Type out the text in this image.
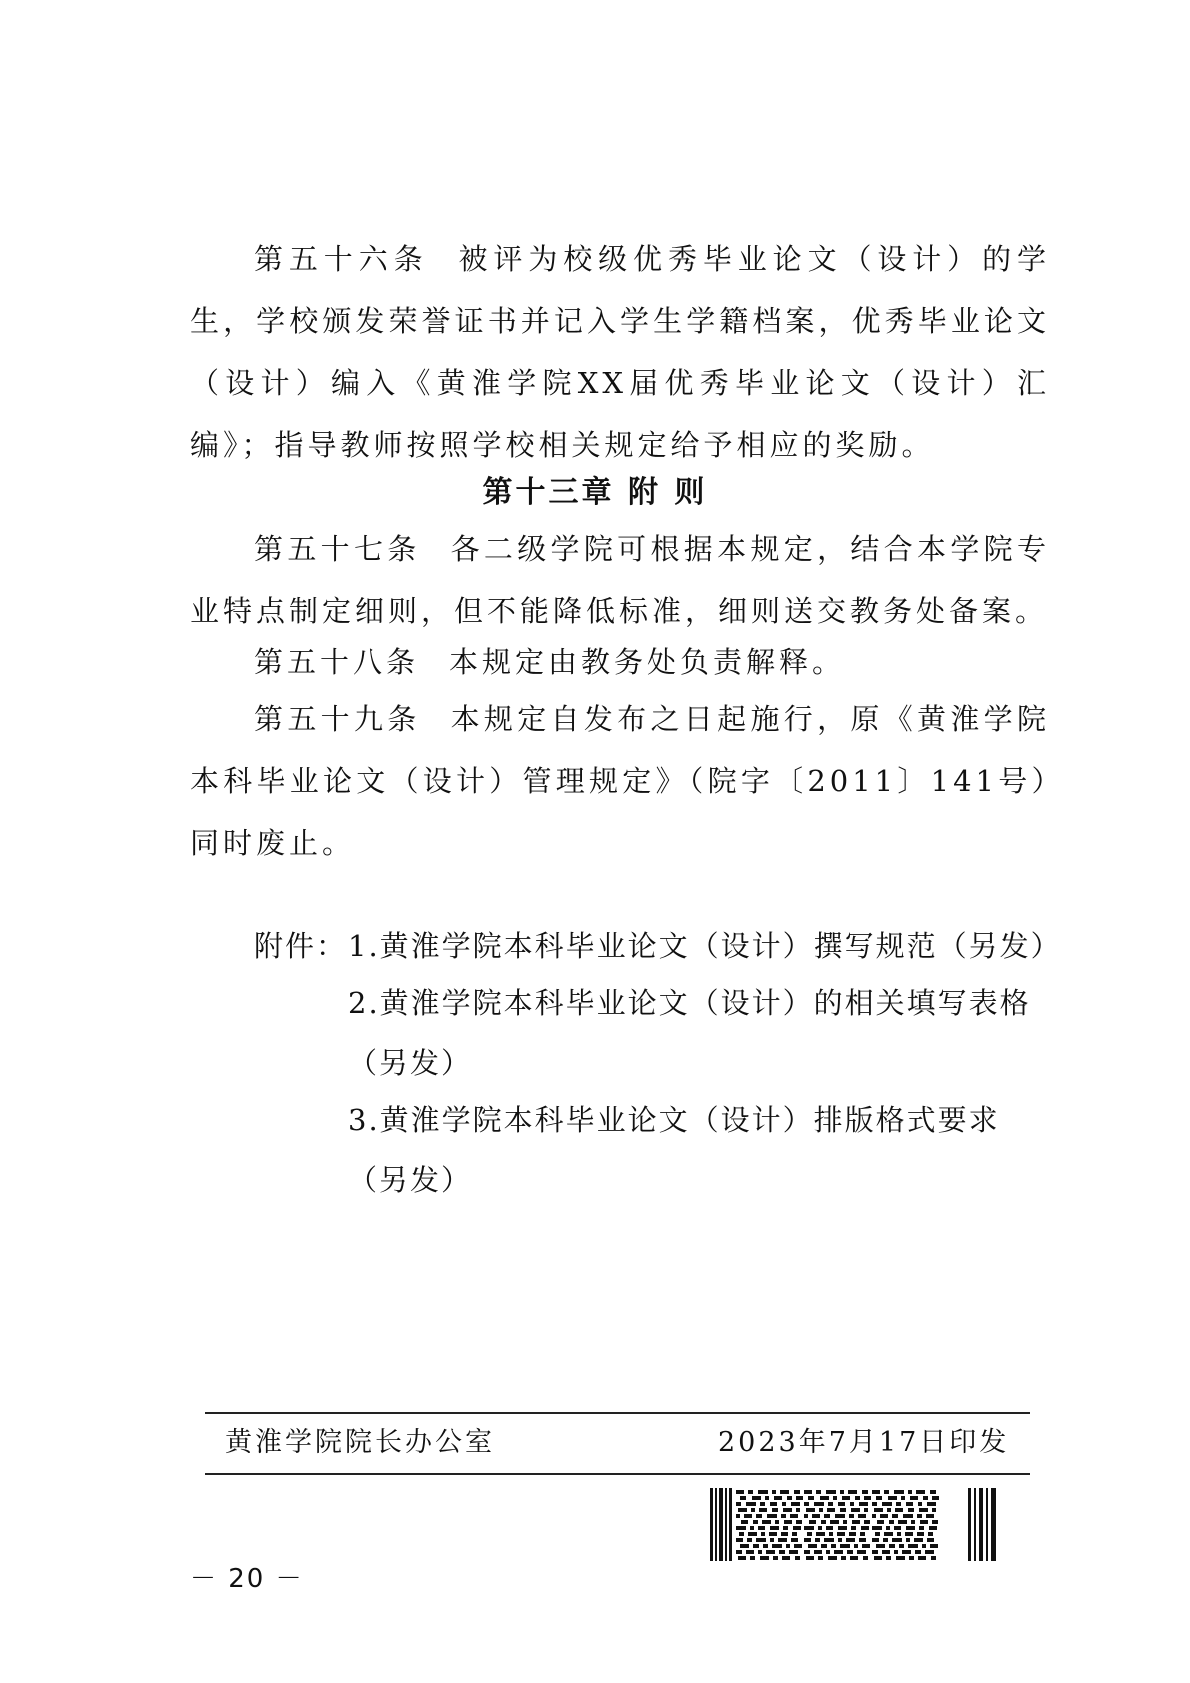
第五十六条 被评为校级优秀毕业论文（设计）的学生，学校颁发荣誉证书并记入学生学籍档案，优秀毕业论文（设计）编入《黄淮学院XX届优秀毕业论文（设计）汇编》；指导教师按照学校相关规定给予相应的奖励。

第十三章 附 则

第五十七条 各二级学院可根据本规定，结合本学院专业特点制定细则，但不能降低标准，细则送交教务处备案。

第五十八条 本规定由教务处负责解释。

第五十九条 本规定自发布之日起施行，原《黄淮学院本科毕业论文（设计）管理规定》（院字〔2011〕141号）同时废止。

附件： 1.黄淮学院本科毕业论文（设计）撰写规范（另发）

2.黄淮学院本科毕业论文（设计）的相关填写表格（另发）

3.黄淮学院本科毕业论文（设计）排版格式要求（另发）

黄淮学院院长办公室	2023年7月17日印发
－ 20 －
